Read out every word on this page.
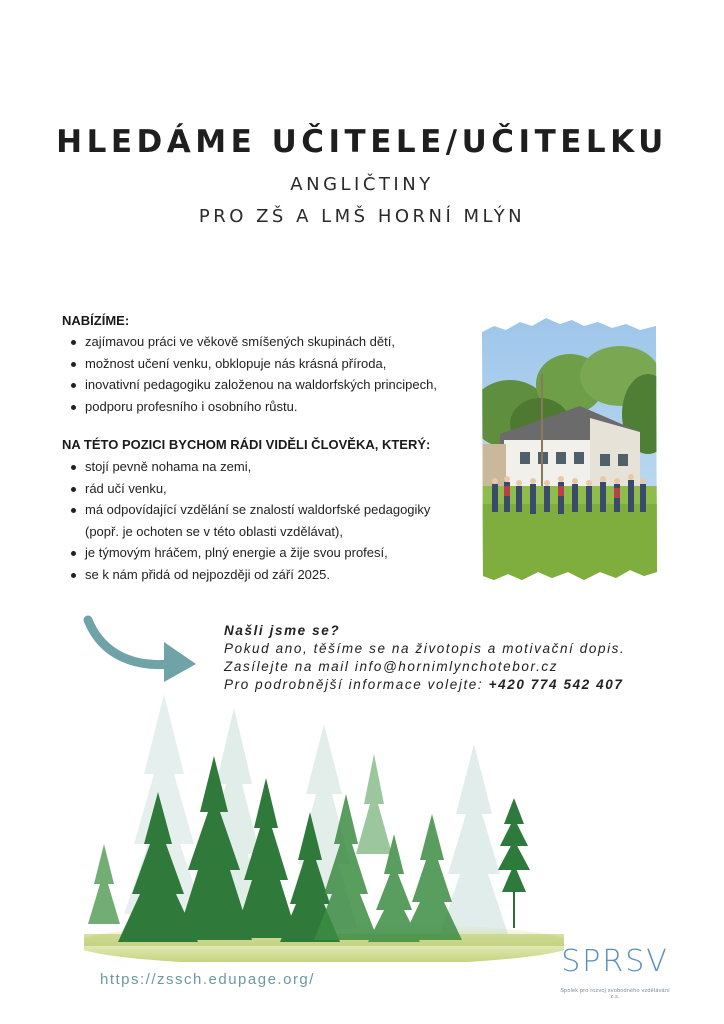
HLEDÁME UČITELE/UČITELKU
ANGLIČTINY
PRO ZŠ A LMŠ HORNÍ MLÝN
NABÍZÍME:
zajímavou práci ve věkově smíšených skupinách dětí,
možnost učení venku, obklopuje nás krásná příroda,
inovativní pedagogiku založenou na waldorfských principech,
podporu profesního i osobního růstu.
NA TÉTO POZICI BYCHOM RÁDI VIDĚLI ČLOVĚKA, KTERÝ:
stojí pevně nohama na zemi,
rád učí venku,
má odpovídající vzdělání se znalostí waldorfské pedagogiky
(popř. je ochoten se v této oblasti vzdělávat),
je týmovým hráčem, plný energie a žije svou profesí,
se k nám přidá od nejpozději od září 2025.
Našli jsme se?
Pokud ano, těšíme se na životopis a motivační dopis.
Zasílejte na mail info@hornimlynchotebor.cz
Pro podrobnější informace volejte: +420 774 542 407
https://zssch.edupage.org/
SPRSV
Spolek pro rozvoj svobodného vzdělávání z.s.
